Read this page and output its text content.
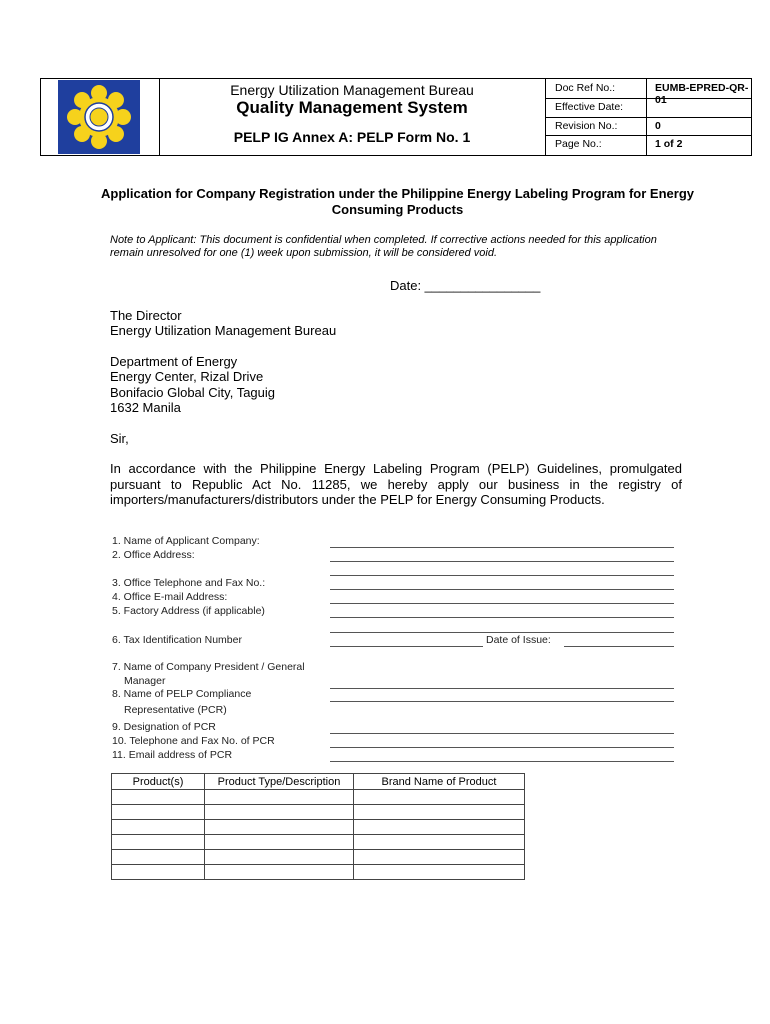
Energy Utilization Management Bureau
Quality Management System
PELP IG Annex A: PELP Form No. 1
Doc Ref No.:	EUMB-EPRED-QR-01
Effective Date:
Revision No.:	0
Page No.:	1 of 2
Application for Company Registration under the Philippine Energy Labeling Program for Energy Consuming Products
Note to Applicant: This document is confidential when completed. If corrective actions needed for this application remain unresolved for one (1) week upon submission, it will be considered void.
Date: ________________
The Director
Energy Utilization Management Bureau
Department of Energy
Energy Center, Rizal Drive
Bonifacio Global City, Taguig
1632 Manila
Sir,
In accordance with the Philippine Energy Labeling Program (PELP) Guidelines, promulgated pursuant to Republic Act No. 11285, we hereby apply our business in the registry of importers/manufacturers/distributors under the PELP for Energy Consuming Products.
1. Name of Applicant Company:
2. Office Address:
3. Office Telephone and Fax No.:
4. Office E-mail Address:
5. Factory Address (if applicable)
6. Tax Identification Number	Date of Issue:
7. Name of Company President / General
Manager
8. Name of PELP Compliance
Representative (PCR)
9. Designation of PCR
10. Telephone and Fax No. of PCR
11. Email address of PCR
Product(s)	Product Type/Description	Brand Name of Product
